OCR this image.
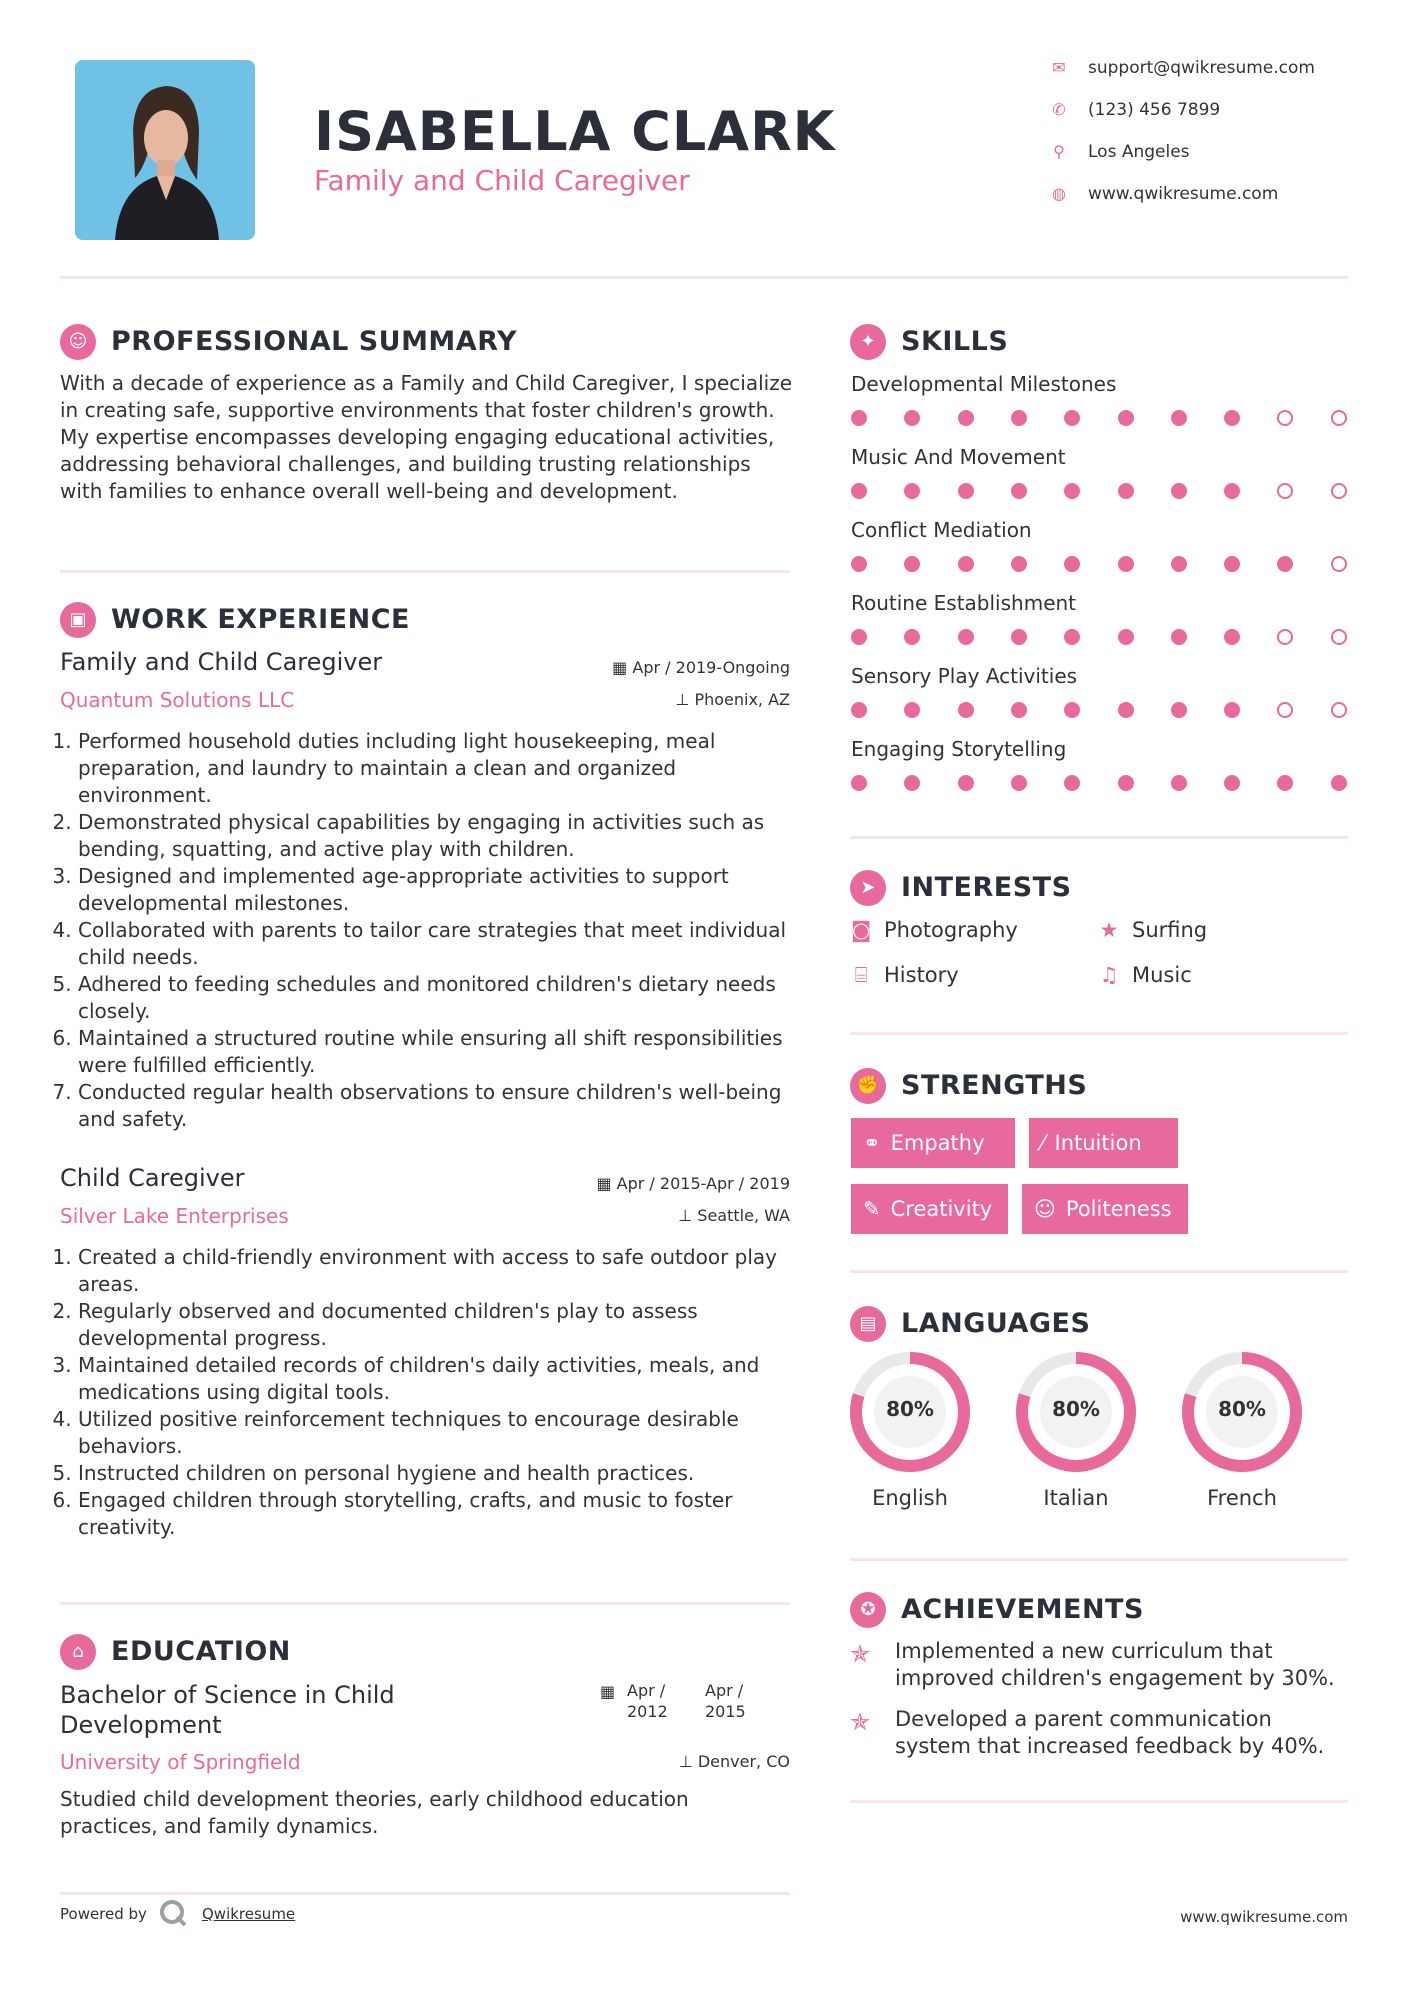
ISABELLA CLARK
Family and Child Caregiver
✉ support@qwikresume.com
✆ (123) 456 7899
⚲	Los Angeles
◍ www.qwikresume.com
☺ PROFESSIONAL SUMMARY
With a decade of experience as a Family and Child Caregiver, I specialize in creating safe, supportive environments that foster children's growth. My expertise encompasses developing engaging educational activities, addressing behavioral challenges, and building trusting relationships with families to enhance overall well-being and development.
▣ WORK EXPERIENCE
Family and Child Caregiver
Quantum Solutions LLC
▦ Apr / 2019-Ongoing
⊥ Phoenix, AZ
1. Performed household duties including light housekeeping, meal preparation, and laundry to maintain a clean and organized environment.
2. Demonstrated physical capabilities by engaging in activities such as bending, squatting, and active play with children.
3. Designed and implemented age-appropriate activities to support developmental milestones.
4. Collaborated with parents to tailor care strategies that meet individual child needs.
5. Adhered to feeding schedules and monitored children's dietary needs closely.
6. Maintained a structured routine while ensuring all shift responsibilities were fulfilled efficiently.
7. Conducted regular health observations to ensure children's well-being and safety.
Child Caregiver
Silver Lake Enterprises
▦ Apr / 2015-Apr / 2019
⊥ Seattle, WA
1. Created a child-friendly environment with access to safe outdoor play areas.
2. Regularly observed and documented children's play to assess developmental progress.
3. Maintained detailed records of children's daily activities, meals, and medications using digital tools.
4. Utilized positive reinforcement techniques to encourage desirable behaviors.
5. Instructed children on personal hygiene and health practices.
6. Engaged children through storytelling, crafts, and music to foster creativity.
⌂	EDUCATION
Bachelor of Science in Child Development
▦ Apr / 2012
Apr / 2015
University of Springfield	⊥ Denver, CO
Studied child development theories, early childhood education practices, and family dynamics.
Powered by	Qwikresume	www.qwikresume.com
✦ SKILLS
Developmental Milestones
Music And Movement
Conflict Mediation
Routine Establishment
Sensory Play Activities
Engaging Storytelling
➤ INTERESTS
◙ Photography	★ Surfing
⌸ History	♫ Music
✊ STRENGTHS
⚭ Empathy	⁄ Intuition
✎ Creativity	☺ Politeness
▤ LANGUAGES
80%	80%	80%
English	Italian	French
✪ ACHIEVEMENTS
✯ Implemented a new curriculum that improved children's engagement by 30%.
✯ Developed a parent communication system that increased feedback by 40%.
